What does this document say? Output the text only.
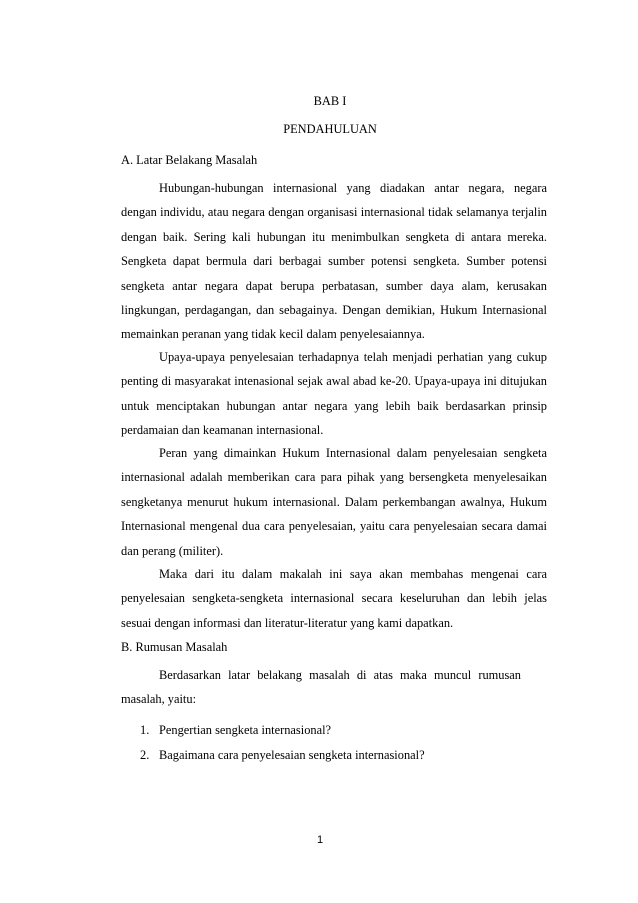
BAB I
PENDAHULUAN
A. Latar Belakang Masalah

Hubungan-hubungan internasional yang diadakan antar negara, negara dengan individu, atau negara dengan organisasi internasional tidak selamanya terjalin dengan baik. Sering kali hubungan itu menimbulkan sengketa di antara mereka. Sengketa dapat bermula dari berbagai sumber potensi sengketa. Sumber potensi sengketa antar negara dapat berupa perbatasan, sumber daya alam, kerusakan lingkungan, perdagangan, dan sebagainya. Dengan demikian, Hukum Internasional memainkan peranan yang tidak kecil dalam penyelesaiannya.

Upaya-upaya penyelesaian terhadapnya telah menjadi perhatian yang cukup penting di masyarakat intenasional sejak awal abad ke-20. Upaya-upaya ini ditujukan untuk menciptakan hubungan antar negara yang lebih baik berdasarkan prinsip perdamaian dan keamanan internasional.

Peran yang dimainkan Hukum Internasional dalam penyelesaian sengketa internasional adalah memberikan cara para pihak yang bersengketa menyelesaikan sengketanya menurut hukum internasional. Dalam perkembangan awalnya, Hukum Internasional mengenal dua cara penyelesaian, yaitu cara penyelesaian secara damai dan perang (militer).

Maka dari itu dalam makalah ini saya akan membahas mengenai cara penyelesaian sengketa-sengketa internasional secara keseluruhan dan lebih jelas sesuai dengan informasi dan literatur-literatur yang kami dapatkan.

B. Rumusan Masalah

Berdasarkan latar belakang masalah di atas maka muncul rumusan masalah, yaitu:

1. Pengertian sengketa internasional?
2. Bagaimana cara penyelesaian sengketa internasional?
1
